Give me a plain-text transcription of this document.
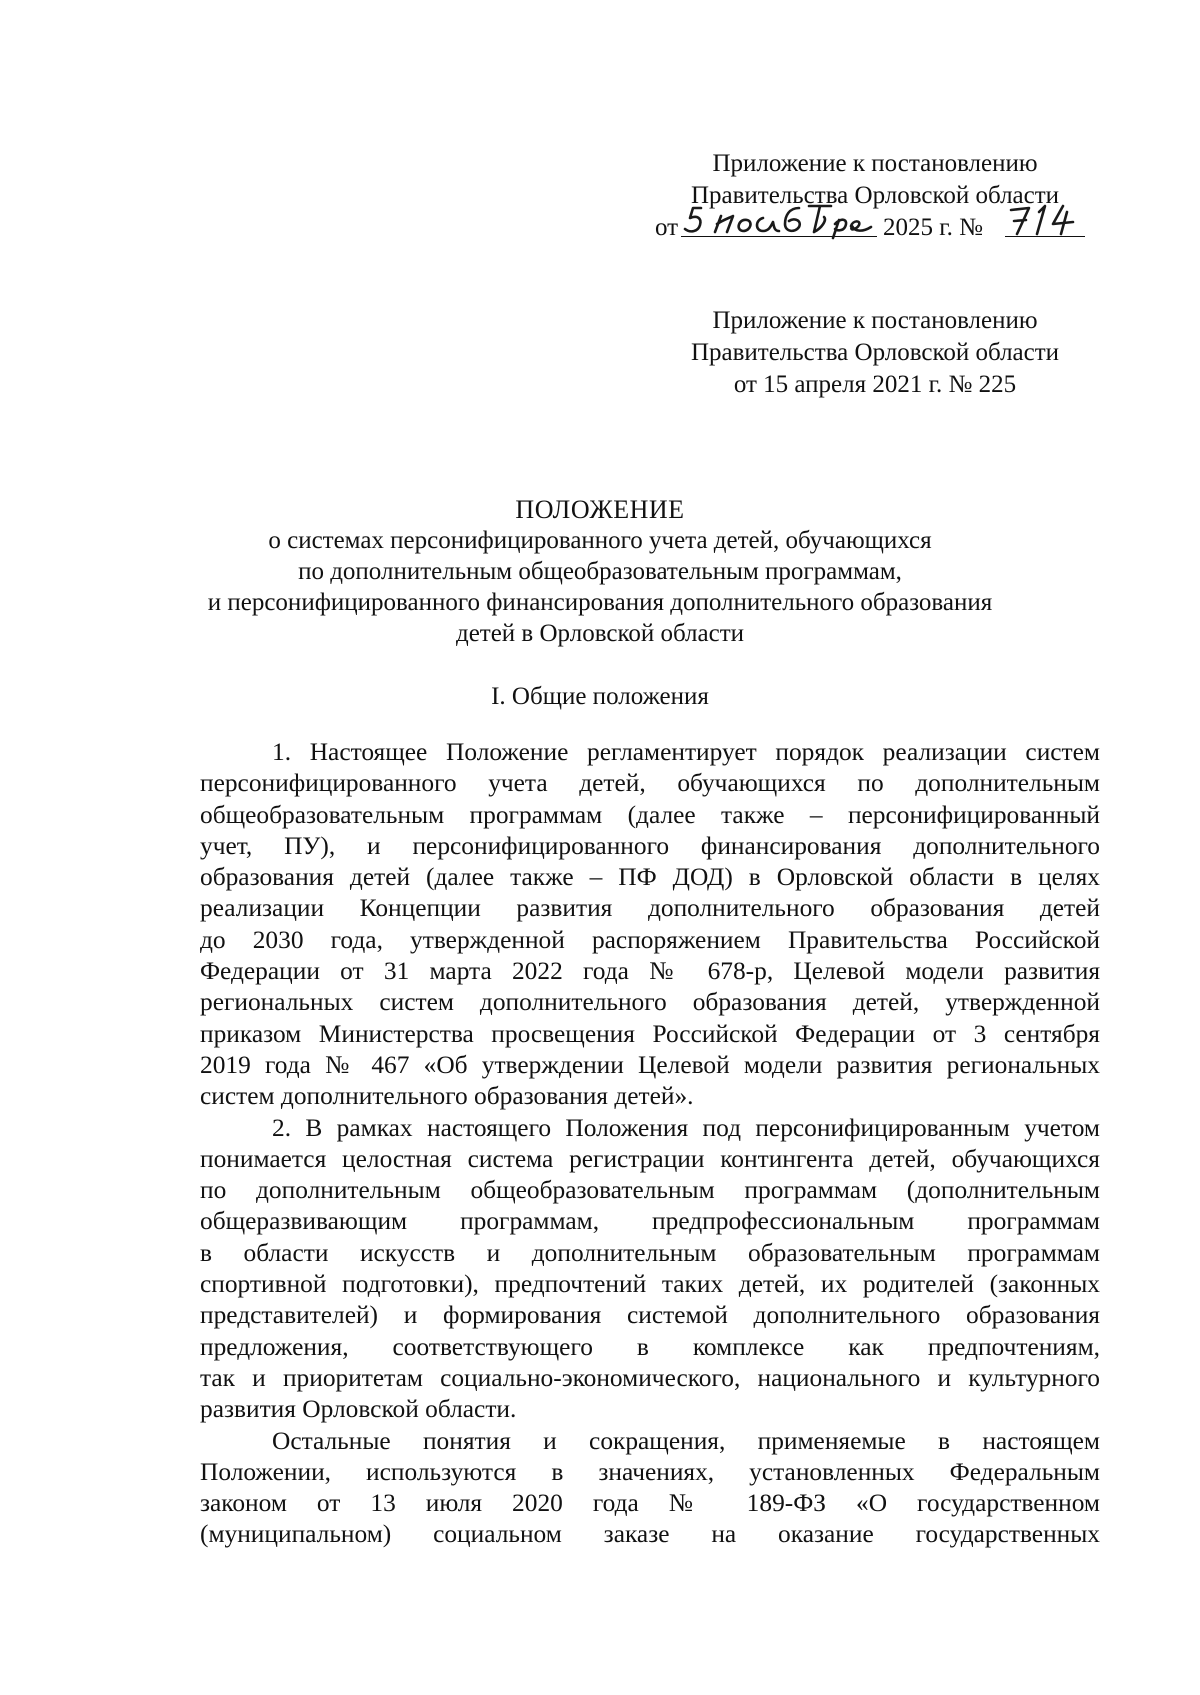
Приложение к постановлению
Правительства Орловской области
от	2025 г. №
Приложение к постановлению
Правительства Орловской области
от 15 апреля 2021 г. № 225
ПОЛОЖЕНИЕ
о системах персонифицированного учета детей, обучающихся
по дополнительным общеобразовательным программам,
и персонифицированного финансирования дополнительного образования
детей в Орловской области
I. Общие положения

1. Настоящее Положение регламентирует порядок реализации систем
персонифицированного учета детей, обучающихся по дополнительным
общеобразовательным программам (далее также – персонифицированный
учет, ПУ), и персонифицированного финансирования дополнительного
образования детей (далее также – ПФ ДОД) в Орловской области в целях
реализации Концепции развития дополнительного образования детей
до 2030 года, утвержденной распоряжением Правительства Российской
Федерации от 31 марта 2022 года № 678-р, Целевой модели развития
региональных систем дополнительного образования детей, утвержденной
приказом Министерства просвещения Российской Федерации от 3 сентября
2019 года № 467 «Об утверждении Целевой модели развития региональных
систем дополнительного образования детей».

2. В рамках настоящего Положения под персонифицированным учетом
понимается целостная система регистрации контингента детей, обучающихся
по дополнительным общеобразовательным программам (дополнительным
общеразвивающим программам, предпрофессиональным программам
в области искусств и дополнительным образовательным программам
спортивной подготовки), предпочтений таких детей, их родителей (законных
представителей) и формирования системой дополнительного образования
предложения, соответствующего в комплексе как предпочтениям,
так и приоритетам социально-экономического, национального и культурного
развития Орловской области.

Остальные понятия и сокращения, применяемые в настоящем
Положении, используются в значениях, установленных Федеральным
законом от 13 июля 2020 года № 189-ФЗ «О государственном
(муниципальном) социальном заказе на оказание государственных
